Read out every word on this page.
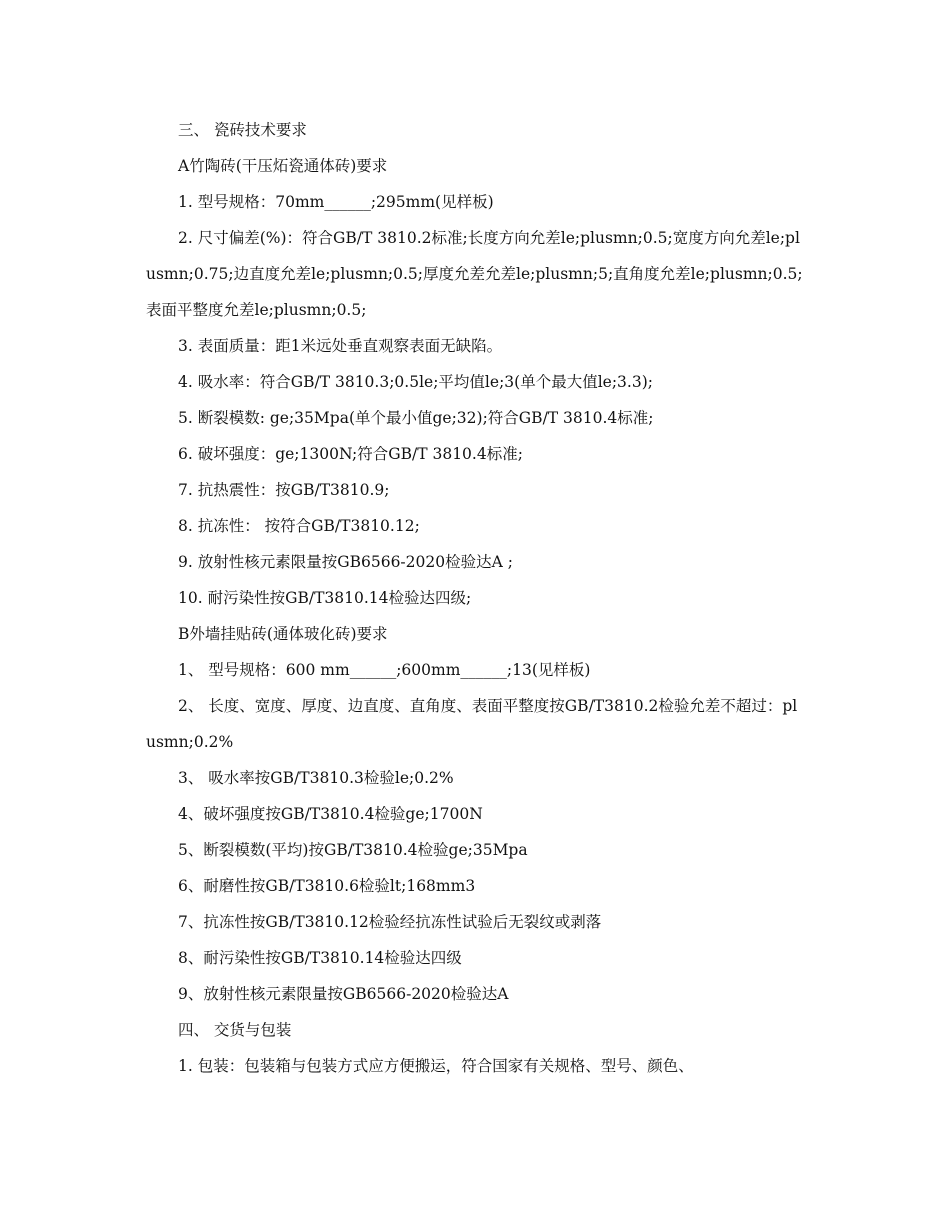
三、 瓷砖技术要求

A竹陶砖(干压炻瓷通体砖)要求

1. 型号规格：70mm______;295mm(见样板)

2. 尺寸偏差(%)：符合GB/T 3810.2标准;长度方向允差le;plusmn;0.5;宽度方向允差le;plusmn;0.75;边直度允差le;plusmn;0.5;厚度允差允差le;plusmn;5;直角度允差le;plusmn;0.5;表面平整度允差le;plusmn;0.5;

3. 表面质量：距1米远处垂直观察表面无缺陷。

4. 吸水率：符合GB/T 3810.3;0.5le;平均值le;3(单个最大值le;3.3);

5. 断裂模数: ge;35Mpa(单个最小值ge;32);符合GB/T 3810.4标准;

6. 破坏强度：ge;1300N;符合GB/T 3810.4标准;

7. 抗热震性：按GB/T3810.9;

8. 抗冻性： 按符合GB/T3810.12;

9. 放射性核元素限量按GB6566-2020检验达A ;

10. 耐污染性按GB/T3810.14检验达四级;

B外墙挂贴砖(通体玻化砖)要求

1、 型号规格：600 mm______;600mm______;13(见样板)

2、 长度、宽度、厚度、边直度、直角度、表面平整度按GB/T3810.2检验允差不超过：plusmn;0.2%

3、 吸水率按GB/T3810.3检验le;0.2%

4、破坏强度按GB/T3810.4检验ge;1700N

5、断裂模数(平均)按GB/T3810.4检验ge;35Mpa

6、耐磨性按GB/T3810.6检验lt;168mm3

7、抗冻性按GB/T3810.12检验经抗冻性试验后无裂纹或剥落

8、耐污染性按GB/T3810.14检验达四级

9、放射性核元素限量按GB6566-2020检验达A

四、 交货与包装

1. 包装：包装箱与包装方式应方便搬运，符合国家有关规格、型号、颜色、
